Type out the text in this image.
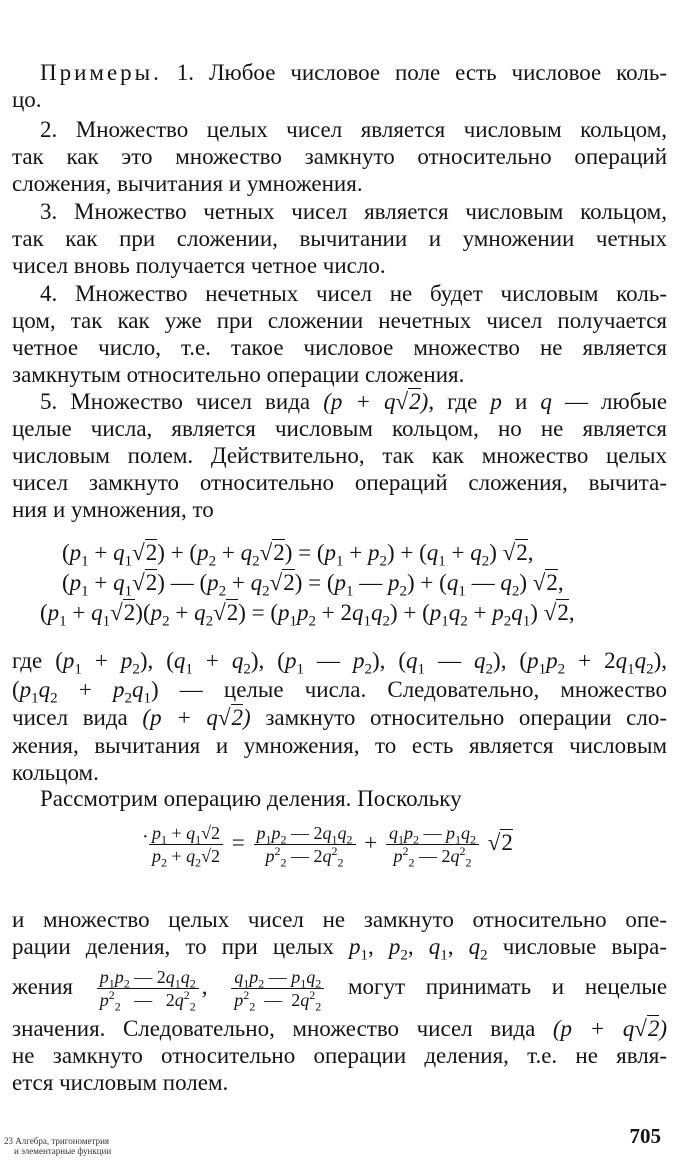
Примеры. 1. Любое числовое поле есть числовое коль-
цо.
2. Множество целых чисел является числовым кольцом,
так как это множество замкнуто относительно операций
сложения, вычитания и умножения.
3. Множество четных чисел является числовым кольцом,
так как при сложении, вычитании и умножении четных
чисел вновь получается четное число.
4. Множество нечетных чисел не будет числовым коль-
цом, так как уже при сложении нечетных чисел получается
четное число, т.е. такое числовое множество не является
замкнутым относительно операции сложения.
5. Множество чисел вида (p + q√2), где p и q — любые
целые числа, является числовым кольцом, но не является
числовым полем. Действительно, так как множество целых
чисел замкнуто относительно операций сложения, вычита-
ния и умножения, то
$(p_1 + q_1√2) + (p_2 + q_2√2) = (p_1 + p_2) + (q_1 + q_2)$ √2,
$(p_1 + q_1√2)$ — $(p_2 + q_2√2) = (p_1$ — $p_2) + (q_1$ — $q_2$) √2,
$(p_1 + q_1√2)(p_2 + q_2√2) = (p_1p_2 + 2q_1q_2) + (p_1q_2 + p_2q_1)$ √2,
где $(p_1 + p_2)$, $(q_1 + q_2)$, ($p_1$ — $p_2$), ($q_1$ — $q_2$), $(p_1p_2 + 2q_1q_2)$,
$(p_1q_2 + p_2q_1)$ — целые числа. Следовательно, множество
чисел вида (p + q√2) замкнуто относительно операции сло-
жения, вычитания и умножения, то есть является числовым
кольцом.
Рассмотрим операцию деления. Поскольку
· $\frac{p_1 + q_1√2}{p_2 + q_2√2} = \frac{p_1p_2 — 2q_1q_2}{p^2_2 — 2q^2_2} + \frac{q_1p_2 — p_1q_2}{p^2_2 — 2q^2_2} √2$
и множество целых чисел не замкнуто относительно опе-
рации деления, то при целых $p_1$, $p_2$, $q_1$, $q_2$ числовые выра-
жения $\frac{p_1p_2 — 2q_1q_2}{p^2_2 — 2q^2_2}$ , $\frac{q_1p_2 — p_1q_2}{p^2_2 — 2q^2_2}$ могут принимать и нецелые
значения. Следовательно, множество чисел вида (p + q√2)
не замкнуто относительно операции деления, т.е. не явля-
ется числовым полем.
23 Алгебра, тригонометрия
и элементарные функции
705
